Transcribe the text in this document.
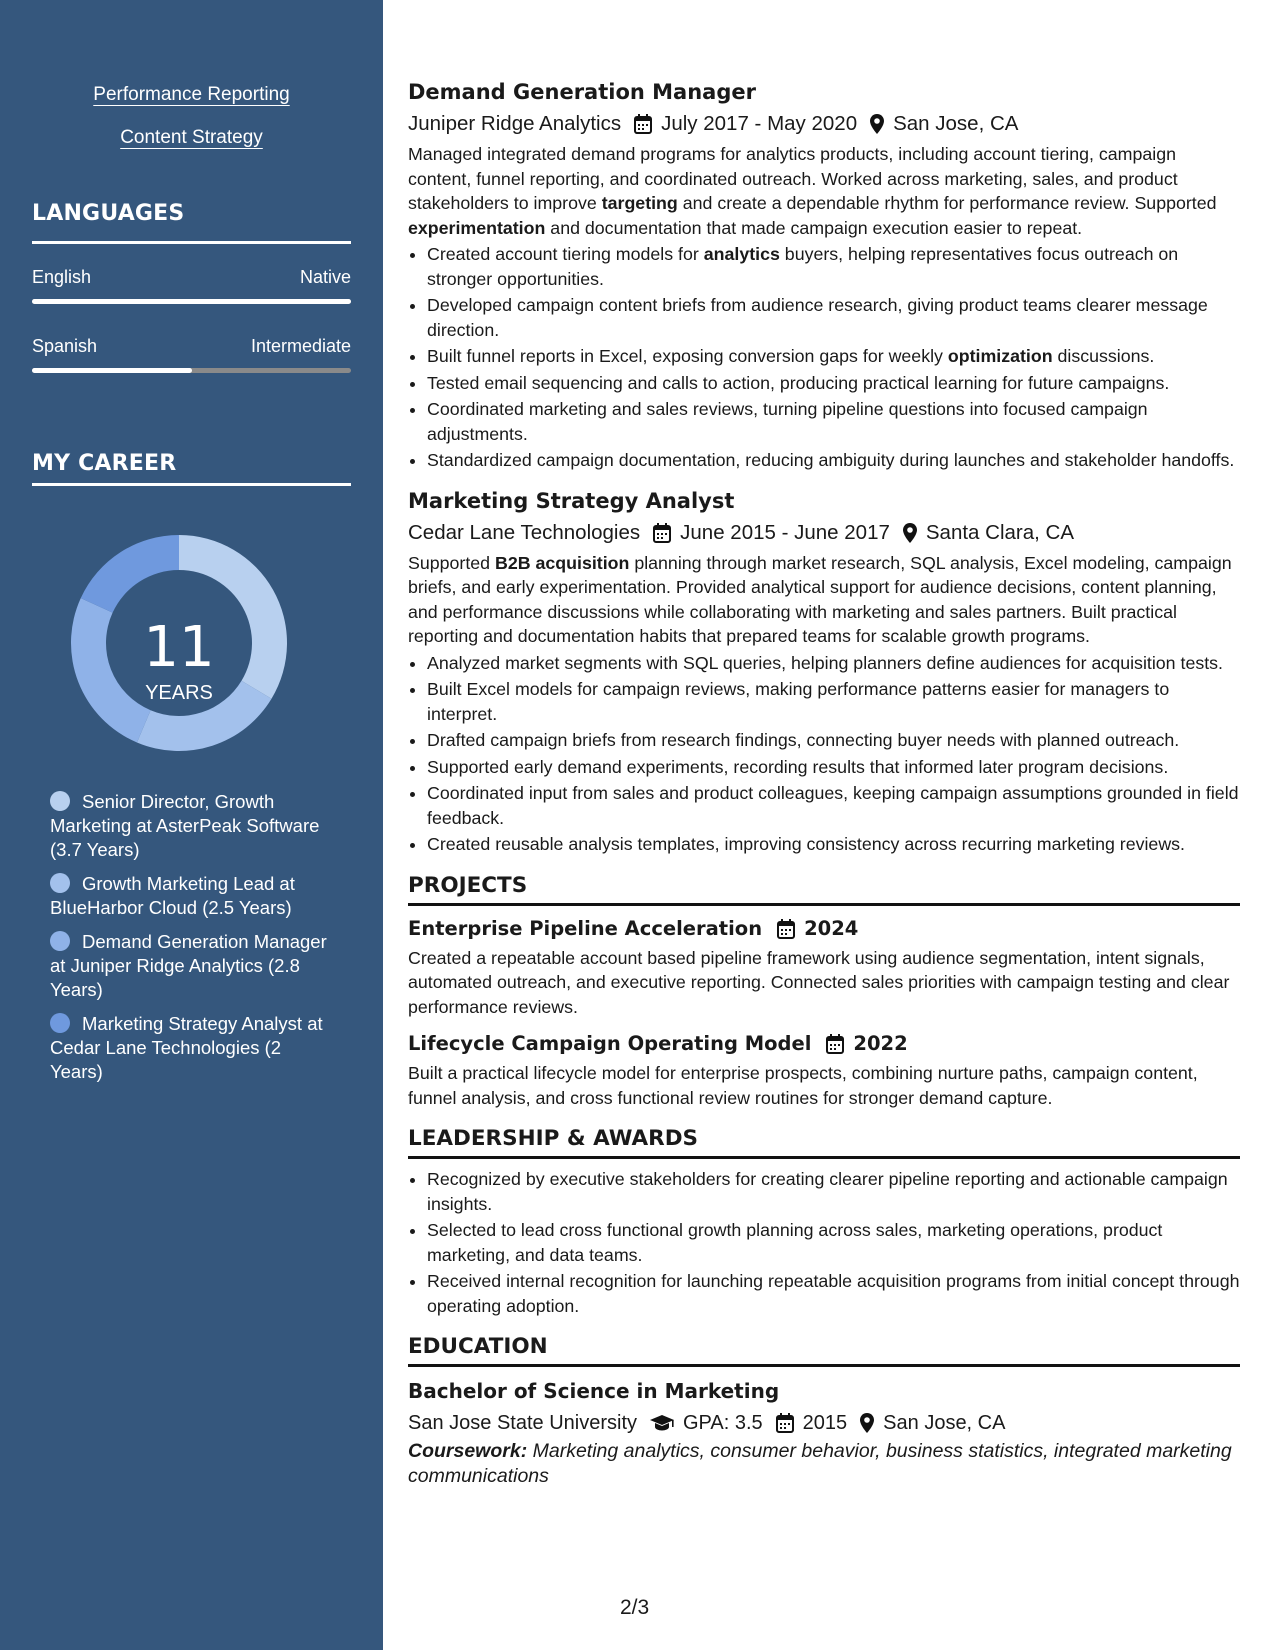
Performance Reporting
Content Strategy
LANGUAGES
English	Native
Spanish	Intermediate
MY CAREER
11
YEARS
Senior Director, Growth Marketing at AsterPeak Software (3.7 Years)
Growth Marketing Lead at BlueHarbor Cloud (2.5 Years)
Demand Generation Manager at Juniper Ridge Analytics (2.8 Years)
Marketing Strategy Analyst at Cedar Lane Technologies (2 Years)
Demand Generation Manager
Juniper Ridge Analytics July 2017 - May 2020 San Jose, CA

Managed integrated demand programs for analytics products, including account tiering, campaign content, funnel reporting, and coordinated outreach. Worked across marketing, sales, and product stakeholders to improve targeting and create a dependable rhythm for performance review. Supported experimentation and documentation that made campaign execution easier to repeat.

• Created account tiering models for analytics buyers, helping representatives focus outreach on stronger opportunities.
• Developed campaign content briefs from audience research, giving product teams clearer message direction.
• Built funnel reports in Excel, exposing conversion gaps for weekly optimization discussions.
• Tested email sequencing and calls to action, producing practical learning for future campaigns.
• Coordinated marketing and sales reviews, turning pipeline questions into focused campaign adjustments.
• Standardized campaign documentation, reducing ambiguity during launches and stakeholder handoffs.
Marketing Strategy Analyst
Cedar Lane Technologies June 2015 - June 2017 Santa Clara, CA

Supported B2B acquisition planning through market research, SQL analysis, Excel modeling, campaign briefs, and early experimentation. Provided analytical support for audience decisions, content planning, and performance discussions while collaborating with marketing and sales partners. Built practical reporting and documentation habits that prepared teams for scalable growth programs.

• Analyzed market segments with SQL queries, helping planners define audiences for acquisition tests.
• Built Excel models for campaign reviews, making performance patterns easier for managers to interpret.
• Drafted campaign briefs from research findings, connecting buyer needs with planned outreach.
• Supported early demand experiments, recording results that informed later program decisions.
• Coordinated input from sales and product colleagues, keeping campaign assumptions grounded in field feedback.
• Created reusable analysis templates, improving consistency across recurring marketing reviews.
PROJECTS
Enterprise Pipeline Acceleration 2024

Created a repeatable account based pipeline framework using audience segmentation, intent signals, automated outreach, and executive reporting. Connected sales priorities with campaign testing and clear performance reviews.

Lifecycle Campaign Operating Model 2022

Built a practical lifecycle model for enterprise prospects, combining nurture paths, campaign content, funnel analysis, and cross functional review routines for stronger demand capture.

LEADERSHIP & AWARDS
• Recognized by executive stakeholders for creating clearer pipeline reporting and actionable campaign insights.
• Selected to lead cross functional growth planning across sales, marketing operations, product marketing, and data teams.
• Received internal recognition for launching repeatable acquisition programs from initial concept through operating adoption.
EDUCATION
Bachelor of Science in Marketing
San Jose State University GPA: 3.5 2015 San Jose, CA
Coursework: Marketing analytics, consumer behavior, business statistics, integrated marketing communications
2/3
